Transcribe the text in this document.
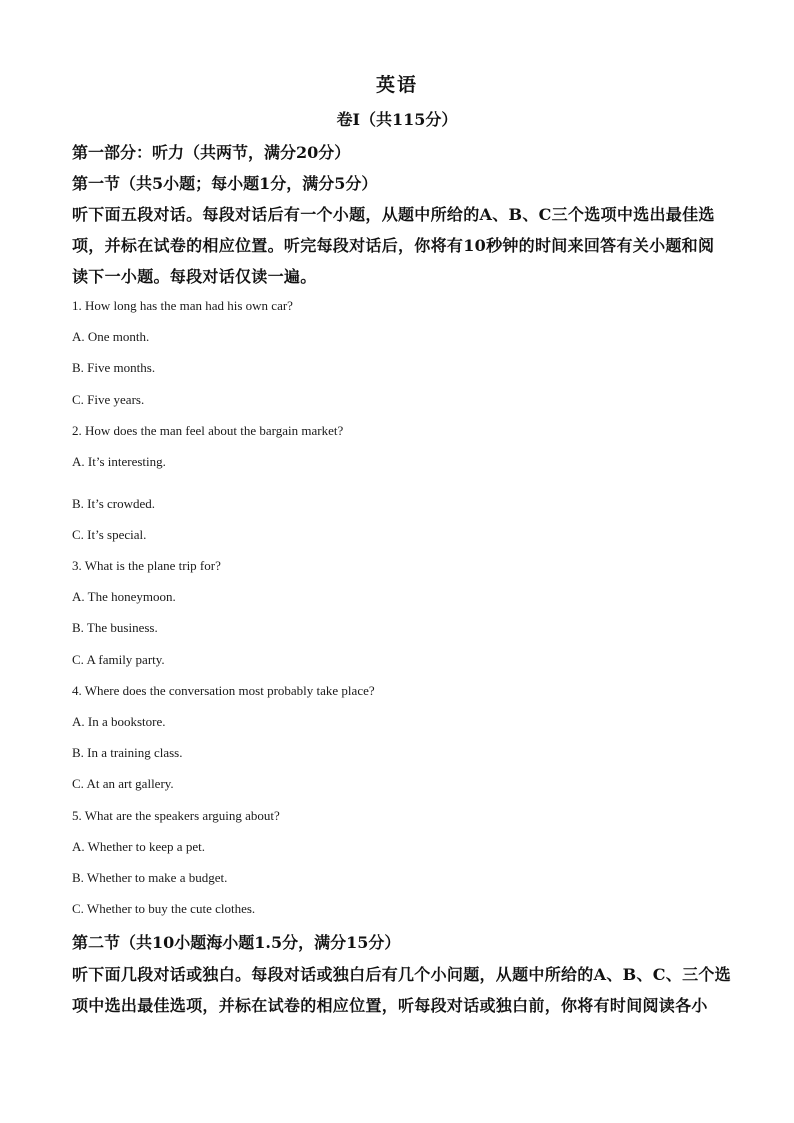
英语
卷Ⅰ（共115分）
第一部分：听力（共两节，满分20分）
第一节（共5小题；每小题1分，满分5分）
听下面五段对话。每段对话后有一个小题，从题中所给的A、B、C三个选项中选出最佳选
项，并标在试卷的相应位置。听完每段对话后，你将有10秒钟的时间来回答有关小题和阅
读下一小题。每段对话仅读一遍。
1. How long has the man had his own car?
A. One month.
B. Five months.
C. Five years.
2. How does the man feel about the bargain market?
A. It’s interesting.
B. It’s crowded.
C. It’s special.
3. What is the plane trip for?
A. The honeymoon.
B. The business.
C. A family party.
4. Where does the conversation most probably take place?
A. In a bookstore.
B. In a training class.
C. At an art gallery.
5. What are the speakers arguing about?
A. Whether to keep a pet.
B. Whether to make a budget.
C. Whether to buy the cute clothes.
第二节（共10小题海小题1.5分，满分15分）
听下面几段对话或独白。每段对话或独白后有几个小问题，从题中所给的A、B、C、三个选
项中选出最佳选项，并标在试卷的相应位置，听每段对话或独白前，你将有时间阅读各小
